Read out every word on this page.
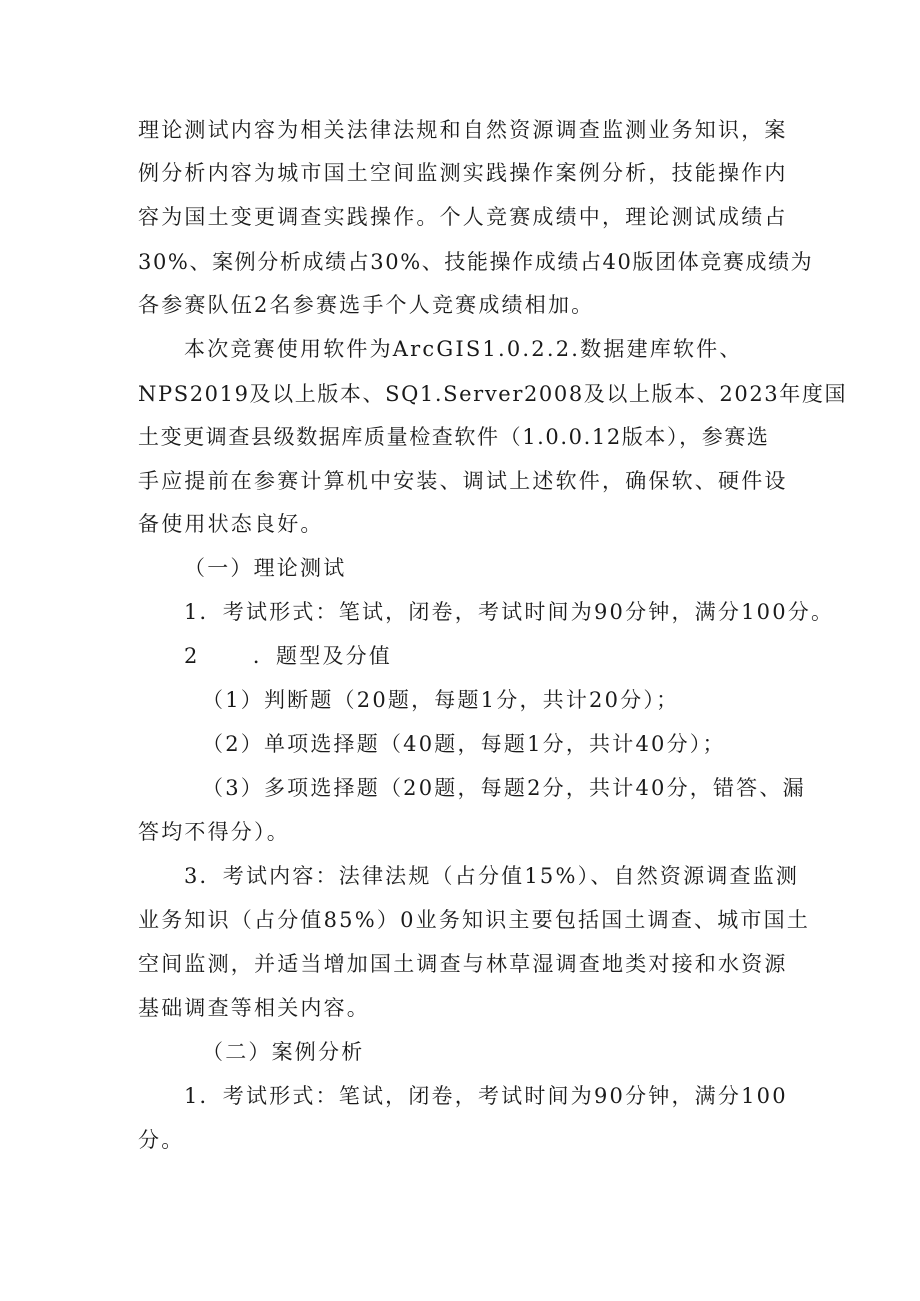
理论测试内容为相关法律法规和自然资源调查监测业务知识，案
例分析内容为城市国土空间监测实践操作案例分析，技能操作内
容为国土变更调查实践操作。个人竞赛成绩中，理论测试成绩占
30%、案例分析成绩占30%、技能操作成绩占40版团体竞赛成绩为
各参赛队伍2名参赛选手个人竞赛成绩相加。
本次竞赛使用软件为ArcGIS1.0.2.2.数据建库软件、
NPS2019及以上版本、SQ1.Server2008及以上版本、2023年度国
土变更调查县级数据库质量检查软件（1.0.0.12版本），参赛选
手应提前在参赛计算机中安装、调试上述软件，确保软、硬件设
备使用状态良好。
（一）理论测试
1．考试形式：笔试，闭卷，考试时间为90分钟，满分100分。
2      ．题型及分值
（1）判断题（20题，每题1分，共计20分）；
（2）单项选择题（40题，每题1分，共计40分）；
（3）多项选择题（20题，每题2分，共计40分，错答、漏
答均不得分）。
3．考试内容：法律法规（占分值15%）、自然资源调查监测
业务知识（占分值85%）0业务知识主要包括国土调查、城市国土
空间监测，并适当增加国土调查与林草湿调查地类对接和水资源
基础调查等相关内容。
（二）案例分析
1．考试形式：笔试，闭卷，考试时间为90分钟，满分100
分。
